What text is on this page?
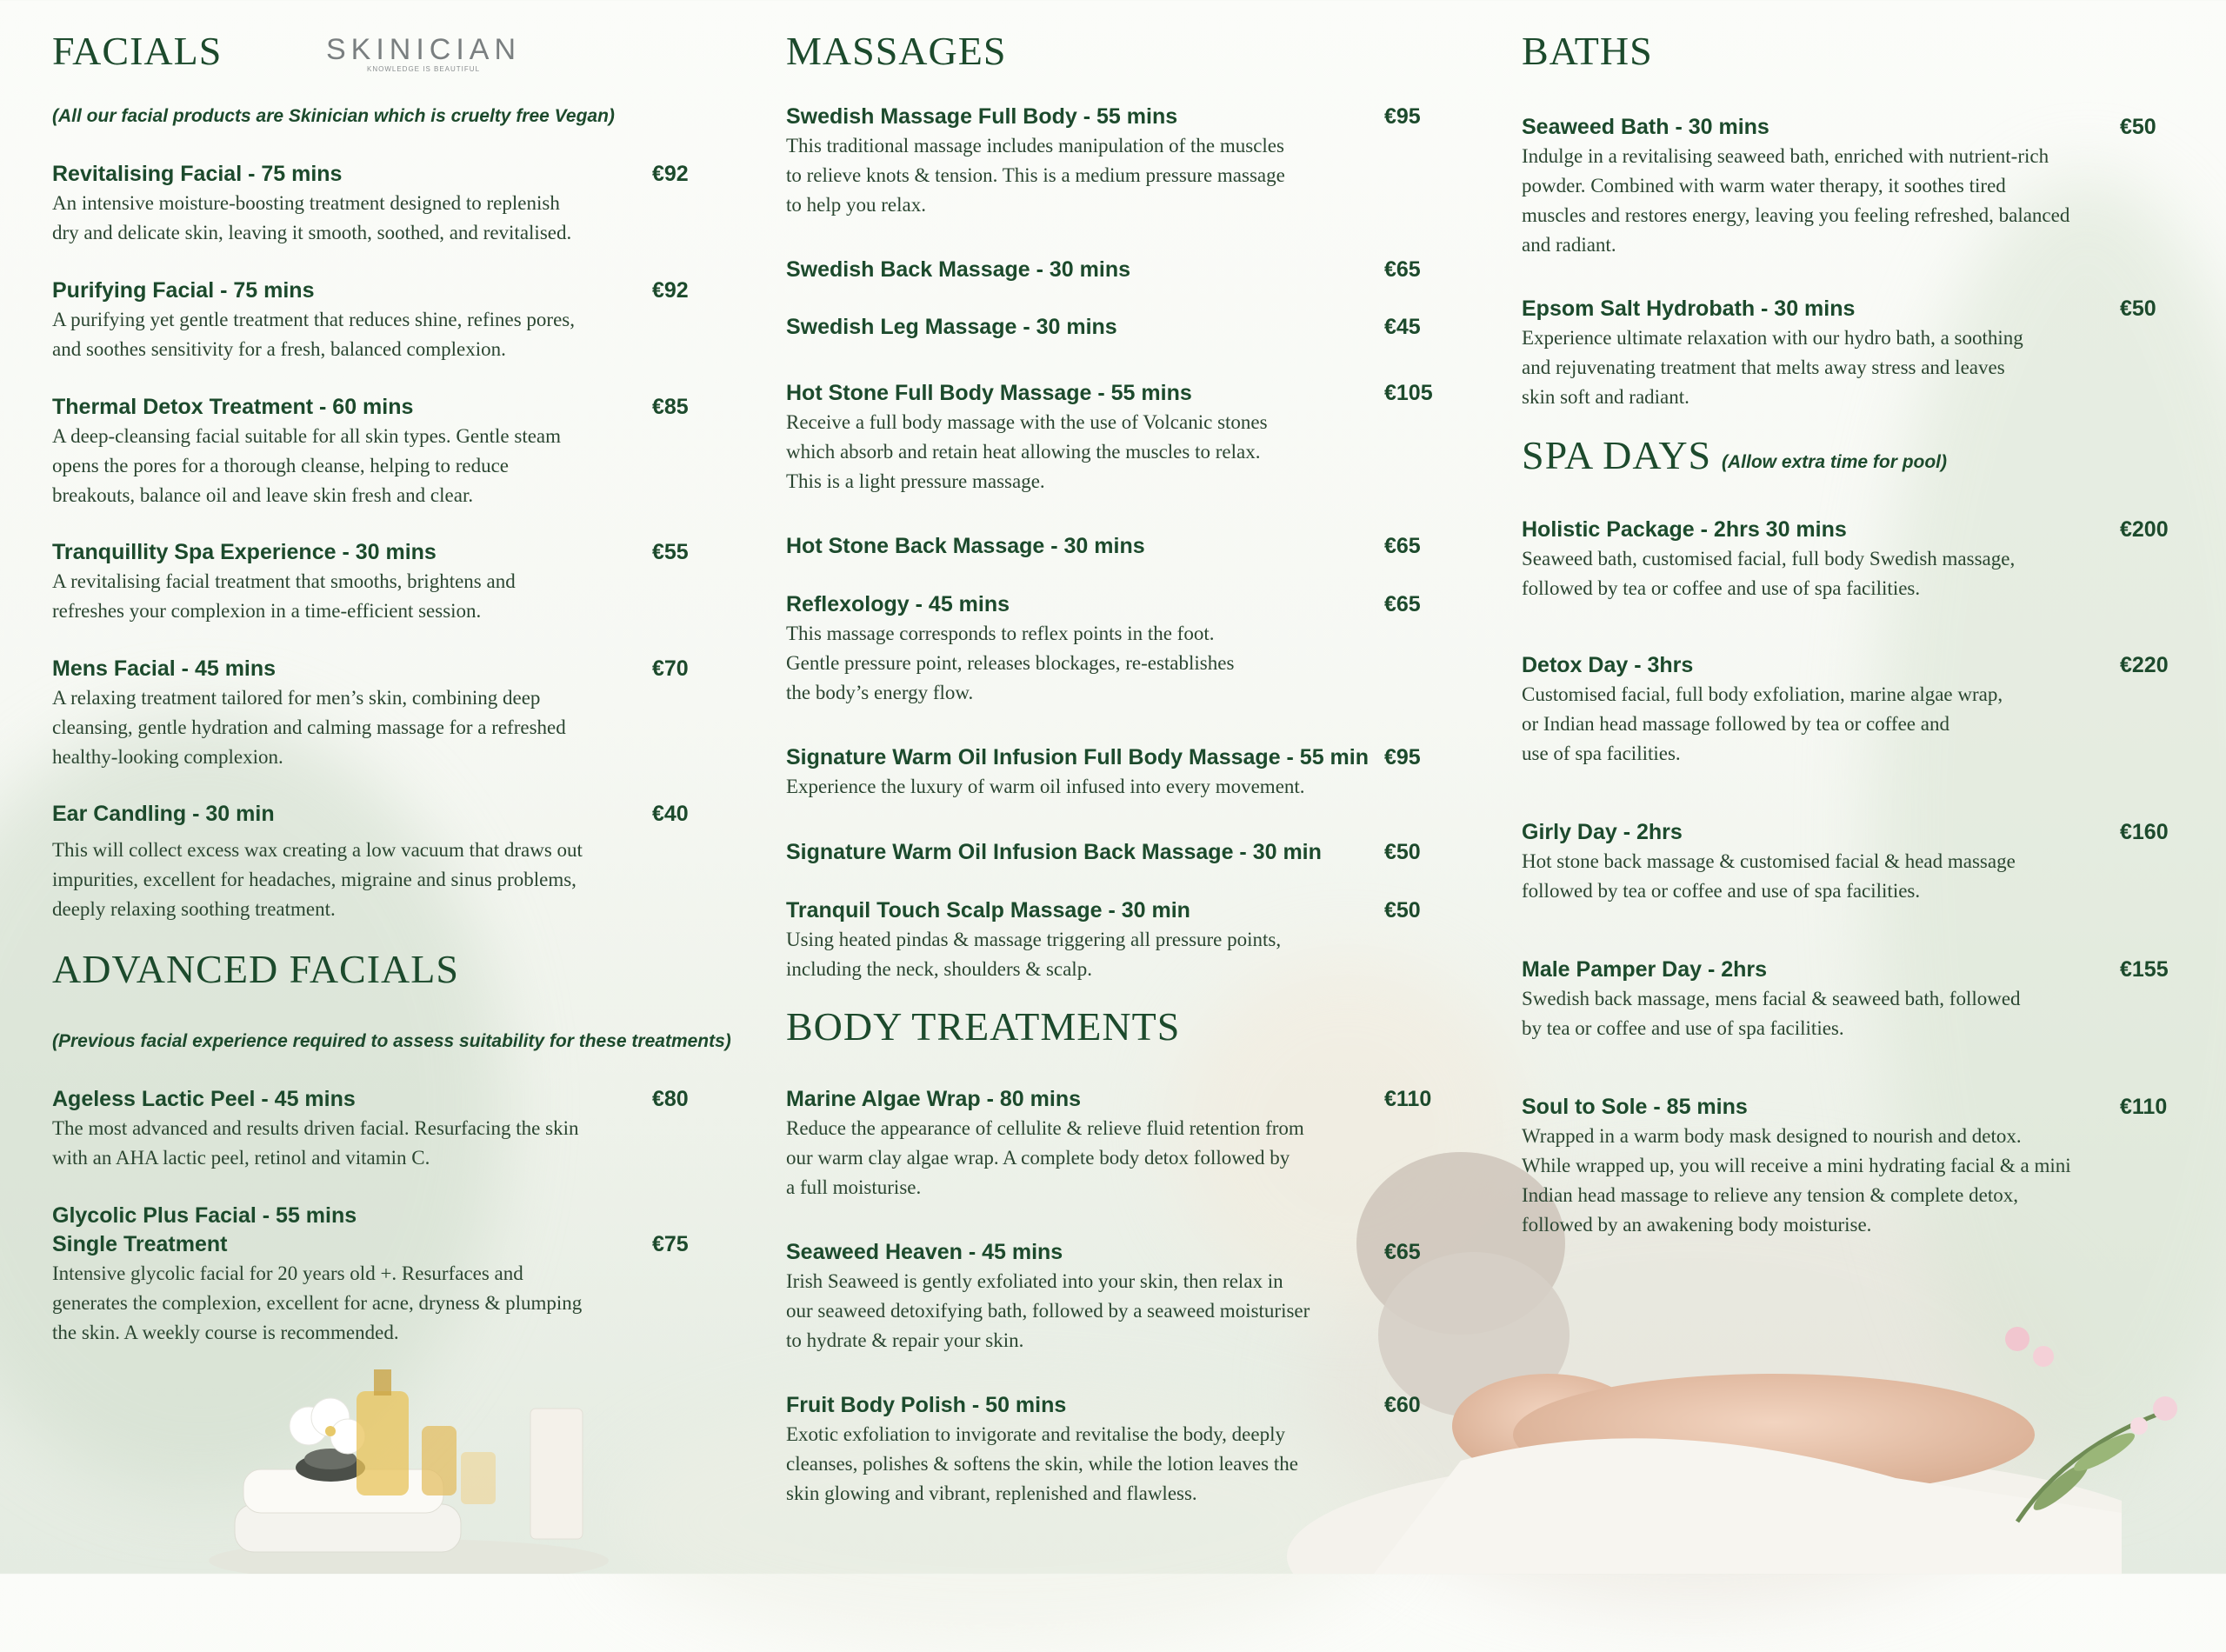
FACIALS	SKINICIAN
KNOWLEDGE IS BEAUTIFUL
(All our facial products are Skinician which is cruelty free Vegan)
Revitalising Facial - 75 mins	€92
An intensive moisture-boosting treatment designed to replenish
dry and delicate skin, leaving it smooth, soothed, and revitalised.
Purifying Facial - 75 mins	€92
A purifying yet gentle treatment that reduces shine, refines pores,
and soothes sensitivity for a fresh, balanced complexion.
Thermal Detox Treatment - 60 mins	€85
A deep-cleansing facial suitable for all skin types. Gentle steam
opens the pores for a thorough cleanse, helping to reduce
breakouts, balance oil and leave skin fresh and clear.
Tranquillity Spa Experience - 30 mins	€55
A revitalising facial treatment that smooths, brightens and
refreshes your complexion in a time-efficient session.
Mens Facial - 45 mins	€70
A relaxing treatment tailored for men’s skin, combining deep
cleansing, gentle hydration and calming massage for a refreshed
healthy-looking complexion.
Ear Candling - 30 min	€40
This will collect excess wax creating a low vacuum that draws out
impurities, excellent for headaches, migraine and sinus problems,
deeply relaxing soothing treatment.
ADVANCED FACIALS
(Previous facial experience required to assess suitability for these treatments)
Ageless Lactic Peel - 45 mins	€80
The most advanced and results driven facial. Resurfacing the skin
with an AHA lactic peel, retinol and vitamin C.
Glycolic Plus Facial - 55 mins
Single Treatment	€75
Intensive glycolic facial for 20 years old +. Resurfaces and
generates the complexion, excellent for acne, dryness & plumping
the skin. A weekly course is recommended.
MASSAGES
Swedish Massage Full Body - 55 mins	€95
This traditional massage includes manipulation of the muscles
to relieve knots & tension. This is a medium pressure massage
to help you relax.
Swedish Back Massage - 30 mins	€65
Swedish Leg Massage - 30 mins	€45
Hot Stone Full Body Massage - 55 mins	€105
Receive a full body massage with the use of Volcanic stones
which absorb and retain heat allowing the muscles to relax.
This is a light pressure massage.
Hot Stone Back Massage - 30 mins	€65
Reflexology - 45 mins	€65
This massage corresponds to reflex points in the foot.
Gentle pressure point, releases blockages, re-establishes
the body’s energy flow.
Signature Warm Oil Infusion Full Body Massage - 55 min €95
Experience the luxury of warm oil infused into every movement.
Signature Warm Oil Infusion Back Massage - 30 min	€50
Tranquil Touch Scalp Massage - 30 min	€50
Using heated pindas & massage triggering all pressure points,
including the neck, shoulders & scalp.
BODY TREATMENTS
Marine Algae Wrap - 80 mins	€110
Reduce the appearance of cellulite & relieve fluid retention from
our warm clay algae wrap. A complete body detox followed by
a full moisturise.
Seaweed Heaven - 45 mins	€65
Irish Seaweed is gently exfoliated into your skin, then relax in
our seaweed detoxifying bath, followed by a seaweed moisturiser
to hydrate & repair your skin.
Fruit Body Polish - 50 mins	€60
Exotic exfoliation to invigorate and revitalise the body, deeply
cleanses, polishes & softens the skin, while the lotion leaves the
skin glowing and vibrant, replenished and flawless.
BATHS
Seaweed Bath - 30 mins	€50
Indulge in a revitalising seaweed bath, enriched with nutrient-rich
powder. Combined with warm water therapy, it soothes tired
muscles and restores energy, leaving you feeling refreshed, balanced
and radiant.
Epsom Salt Hydrobath - 30 mins	€50
Experience ultimate relaxation with our hydro bath, a soothing
and rejuvenating treatment that melts away stress and leaves
skin soft and radiant.
SPA DAYS (Allow extra time for pool)
Holistic Package - 2hrs 30 mins	€200
Seaweed bath, customised facial, full body Swedish massage,
followed by tea or coffee and use of spa facilities.
Detox Day - 3hrs	€220
Customised facial, full body exfoliation, marine algae wrap,
or Indian head massage followed by tea or coffee and
use of spa facilities.
Girly Day - 2hrs	€160
Hot stone back massage & customised facial & head massage
followed by tea or coffee and use of spa facilities.
Male Pamper Day - 2hrs	€155
Swedish back massage, mens facial & seaweed bath, followed
by tea or coffee and use of spa facilities.
Soul to Sole - 85 mins	€110
Wrapped in a warm body mask designed to nourish and detox.
While wrapped up, you will receive a mini hydrating facial & a mini
Indian head massage to relieve any tension & complete detox,
followed by an awakening body moisturise.
